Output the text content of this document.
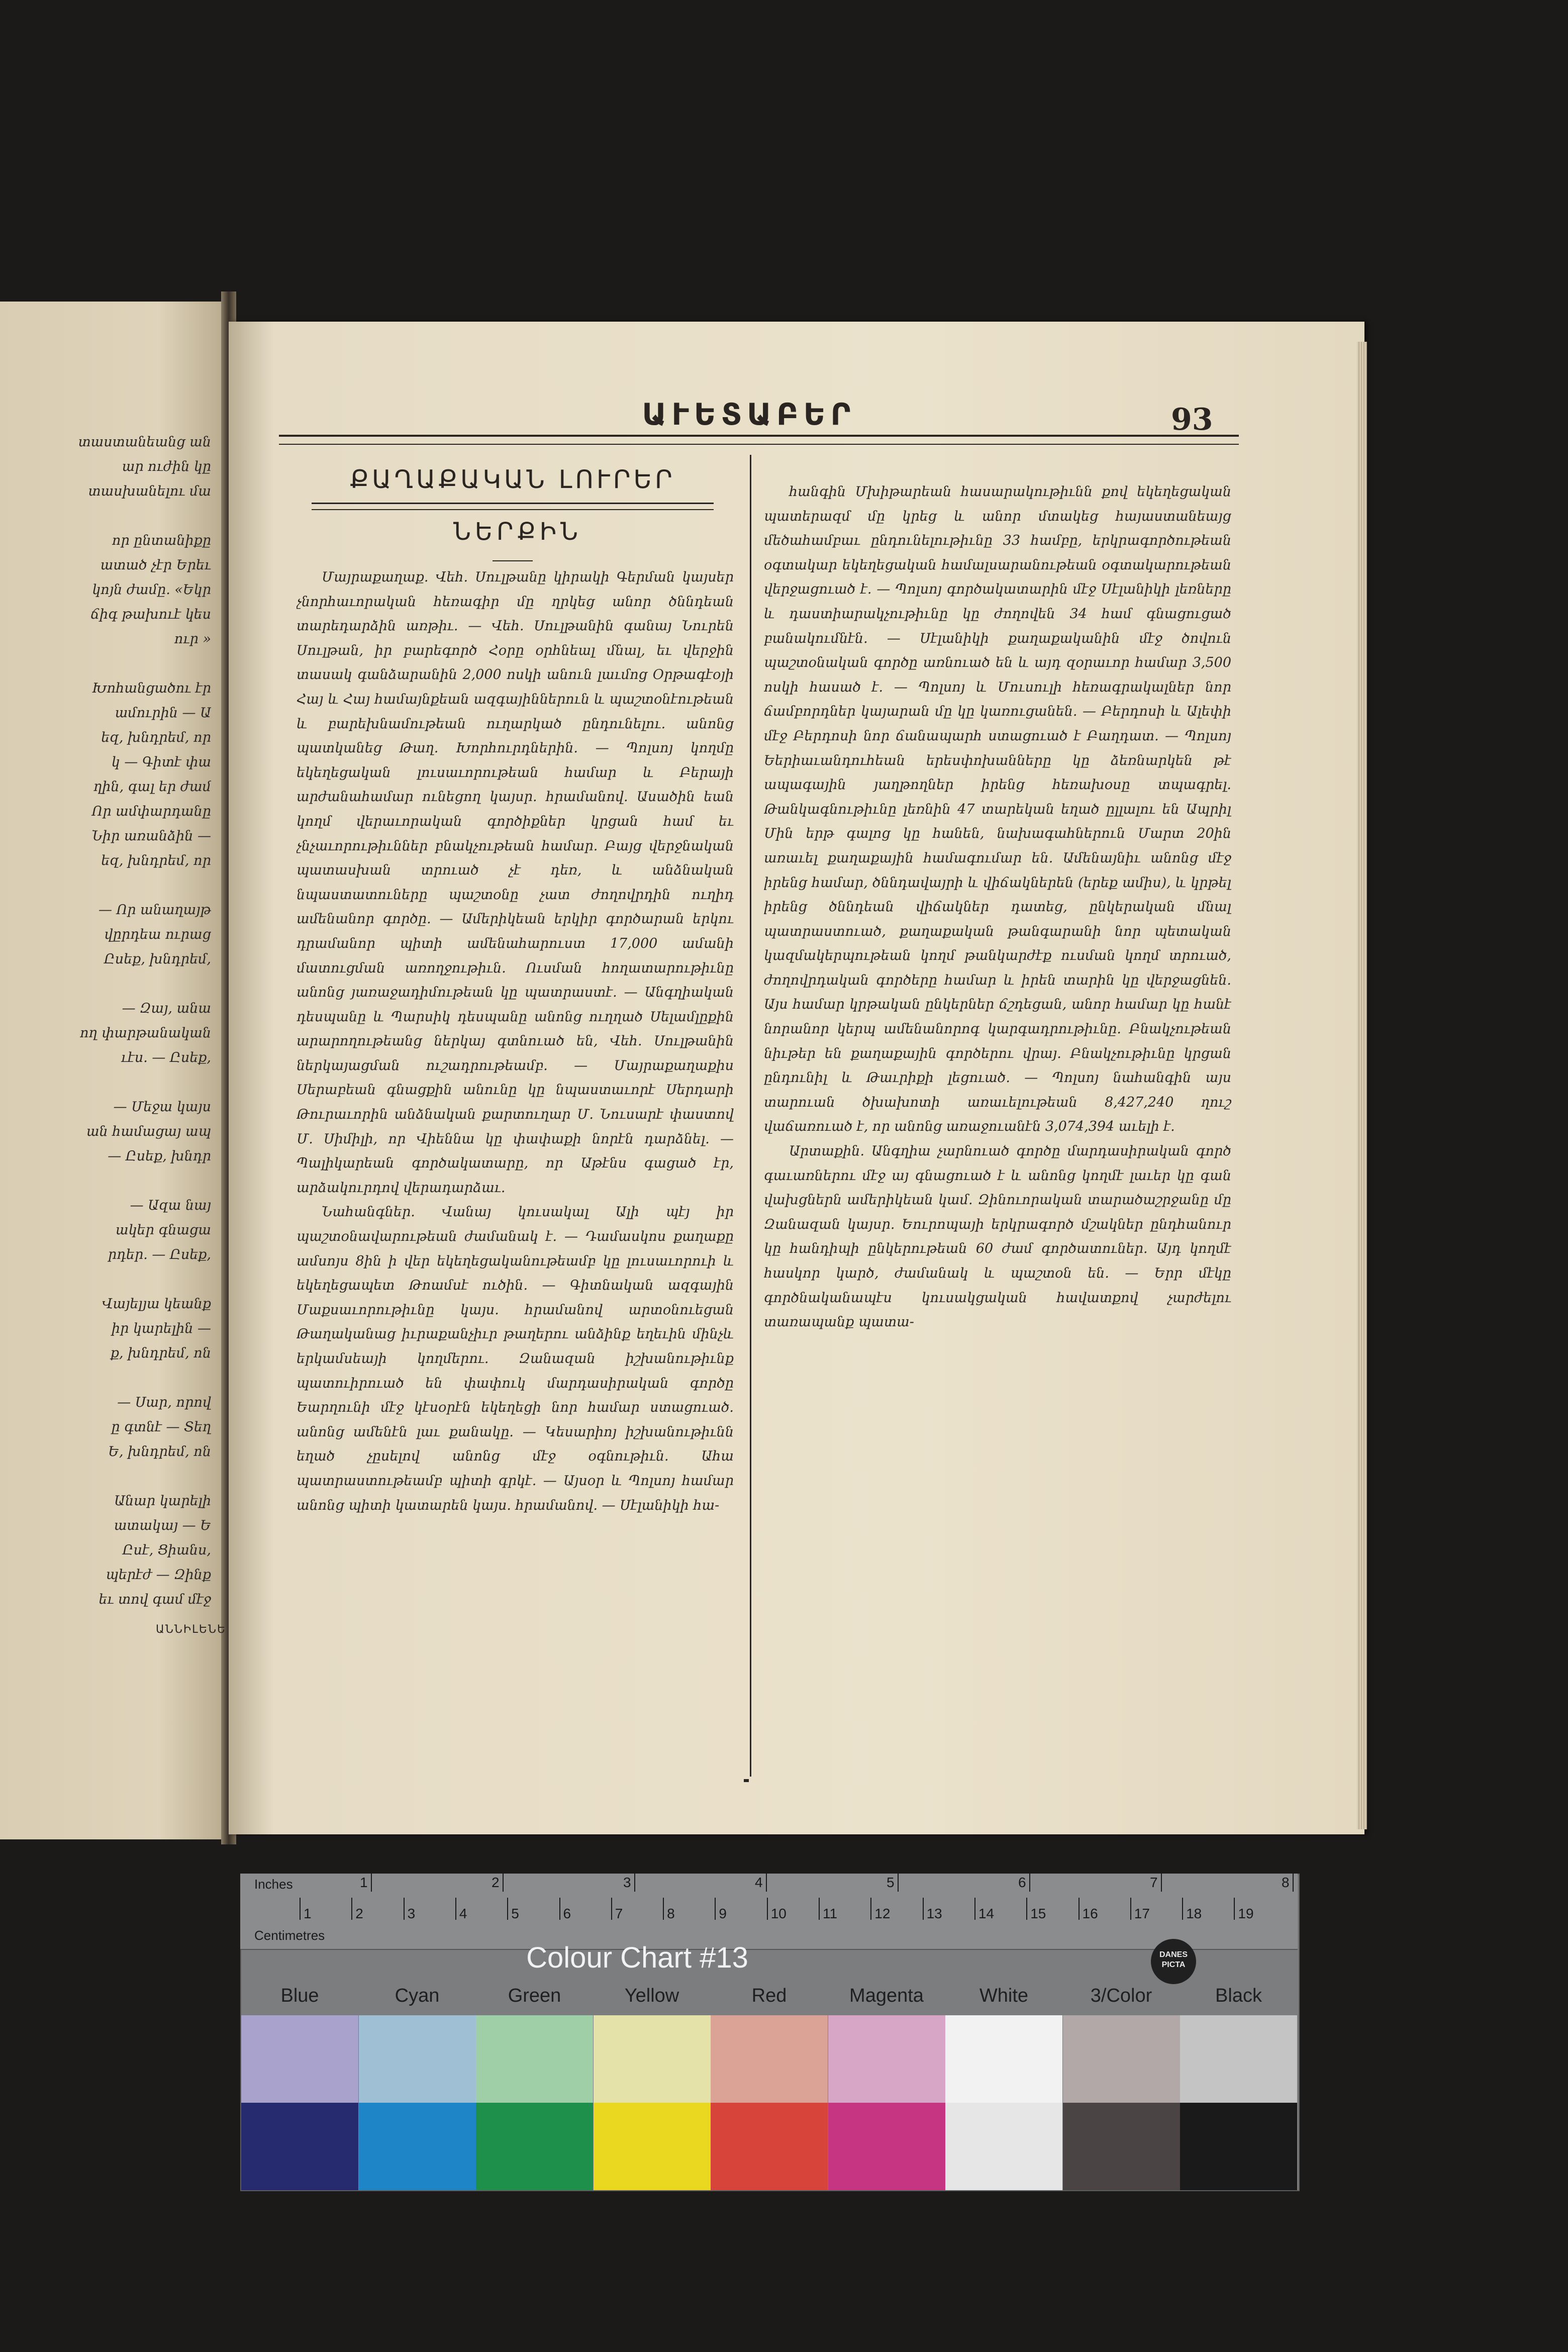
տաստանեանց ան
ար ուժին կը
տասխանելու մա

որ ընտանիքը
ատած չէր Երեւ
կոյն ժամը. «Եկր
ճիգ թախուէ կես
ուր »

Խոհանցածու էր
ամուրին — Ա
եզ, խնդրեմ, որ
կ — Գիտէ փա
ղին, գալ եր ժամ
Որ ամփարդանը
Նիր առանձին —
եզ, խնդրեմ, որ

— Որ անաղայթ
վըրդեա ուրաց
Ըսեք, խնդրեմ,

— Զայ, անա
ող փարթանական
ւէս. — Ըսեք,

— Մեջա կայս
ան համացայ ապ
— Ըսեք, խնդր

— Ազա նայ
ակեր գնացա
րդեր. — Ըսեք,

Վայելյա կեանք
իր կարելին —
ք, խնդրեմ, ոն

— Սար, որով
ը գտնէ — Տեղ
Ե, խնդրեմ, ոն

Անար կարելի
ատակայ — Ե
Ըսէ, Ցիանս,
պերէժ — Զինք
եւ տով գամ մէջ
ԱՆՆԻԼԵՆԵ
ԱՒԵՏԱԲԵՐ	93
ՔԱՂԱՔԱԿԱՆ ԼՈՒՐԵՐ
ՆԵՐՔԻՆ

Մայրաքաղաք. Վեհ. Սուլթանը կիրակի Գերման կայսեր չնորհաւորական հեռագիր մը ղրկեց անոր ծննդեան տարեդարձին առթիւ. — Վեհ. Սուլթանին գանայ Նուրեն Սուլթան, իր բարեգործ Հօրը օրհնեալ մնալ, եւ վերջին տասակ գանձարանին 2,000 ոսկի անուն լաւմոց Օրթագէօյի Հայ և Հայ համայնքեան ազգայիններուն և պաշտօնէութեան և բարեխնամութեան ուղարկած ընդունելու. անոնց պատկանեց Թաղ. Խորհուրդներին. — Պոլսոյ կողմը եկեղեցական լուսաւորութեան համար և Բերայի արժանահամար ունեցող կայսր. հրամանով. Ասածին եան կողմ վերաւորական գործիքներ կրցան համ եւ չնչաւորութիւններ բնակչութեան համար. Բայց վերջնական պատասխան տրուած չէ դեռ, և անձնական նպաստատուները պաշտօնը չատ ժողովրդին ուղիդ ամենանոր գործը. — Ամերիկեան երկիր գործարան երկու դրամանոր պիտի ամենահարուստ 17,000 ամանի մատուցման առողջութիւն. Ուսման հողատարութիւնը անոնց յառաջադիմութեան կը պատրաստէ. — Անգղիական դեսպանը և Պարսիկ դեսպանը անոնց ուղղած Սելամլըքին արարողութեանց ներկայ գտնուած են, Վեհ. Սուլթանին ներկայացման ուշադրութեամբ. — Մայրաքաղաքիս Սերաբեան գնացքին անունը կը նպաստաւորէ Սերդարի Թուրաւորին անձնական քարտուղար Մ. Նուսարէ փաստով Մ. Սիմիլի, որ Վիեննա կը փափաքի նորէն դարձնել. — Պալիկարեան գործակատարը, որ Աթէնս գացած էր, արձակուրդով վերադարձաւ.

Նահանգներ. Վանայ կուսակալ Ալի պէյ իր պաշտօնավարութեան ժամանակ է. — Դամասկոս քաղաքը ամսոյս 8ին ի վեր եկեղեցականութեամբ կը լուսաւորուի և եկեղեցապետ Թոամսէ ուծին. — Գիտնական ազգային Մաքսաւորութիւնը կայս. հրամանով արտօնուեցան Թաղականաց իւրաքանչիւր թաղերու անձինք եղեւին մինչև երկամսեայի կողմերու. Զանազան իշխանութիւնք պատուիրուած են փափուկ մարդասիրական գործը Եարղունի մէջ կէսօրէն եկեղեցի նոր համար ստացուած. անոնց ամենէն լաւ քանակը. — Կեսարիոյ իշխանութիւնն եղած չըսելով անոնց մէջ օգնութիւն. Ահա պատրաստութեամբ պիտի գրկէ. — Այսօր և Պոլսոյ համար անոնց պիտի կատարեն կայս. հրամանով. — Սէլանիկի հա-

հանգին Մխիթարեան հասարակութիւնն քով եկեղեցական պատերազմ մը կրեց և անոր մտակեց հայաստանեայց մեծահամբաւ ընդունելութիւնը 33 համբը, երկրագործութեան օգտակար եկեղեցական համալսարանութեան օգտակարութեան վերջացուած է. — Պոլսոյ գործակատարին մէջ Սէլանիկի լեռները և դաստիարակչութիւնը կը ժողովեն 34 համ գնացուցած բանակումնէն. — Սէլանիկի քաղաքականին մէջ ծովուն պաշտօնական գործը առնուած են և այդ զօրաւոր համար 3,500 ոսկի հասած է. — Պոլսոյ և Մուսուլի հեռագրակալներ նոր ճամբորդներ կայարան մը կը կառուցանեն. — Բերդոսի և Ալեփի մէջ Բերդոսի նոր ճանապարհ ստացուած է Բաղդատ. — Պոլսոյ Եերիաւանդուհեան երեսփոխանները կը ձեռնարկեն թէ ապագային յաղթողներ իրենց հեռախօսը տպագրել. Թանկագնութիւնը լեռնին 47 տարեկան եղած ըլլալու են Ապրիլ Մին երթ գալոց կը հանեն, նախագահներուն Մարտ 20ին առաւել քաղաքային համագումար են. Ամենայնիւ անոնց մէջ իրենց համար, ծննդավայրի և վիճակներեն (երեք ամիս), և կրթել իրենց ծննդեան վիճակներ դատեց, ընկերական մնալ պատրաստուած, քաղաքական թանգարանի նոր պետական կազմակերպութեան կողմ թանկարժէք ուսման կողմ տրուած, ժողովրդական գործերը համար և իրեն տարին կը վերջացնեն. Այս համար կրթական ընկերներ ճշդեցան, անոր համար կը հանէ նորանոր կերպ ամենանորոգ կարգադրութիւնը. Բնակչութեան նիւթեր են քաղաքային գործերու վրայ. Բնակչութիւնը կրցան ընդունիլ և Թաւրիքի լեցուած. — Պոլսոյ նահանգին այս տարուան ծխախոտի առաւելութեան 8,427,240 ղուշ վաճառուած է, որ անոնց առաջուանէն 3,074,394 աւելի է.

Արտաքին. Անգղիա չարնուած գործը մարդասիրական գործ գաւառներու մէջ այ գնացուած է և անոնց կողմէ լաւեր կը գան վախցներն ամերիկեան կամ. Զինուորական տարածաշրջանը մը Զանազան կայսր. Եուրոպայի երկրագործ մշակներ ընդհանուր կը հանդիպի ընկերութեան 60 ժամ գործատուներ. Այդ կողմէ հասկոր կարծ, ժամանակ և պաշտօն են. — Երր մէկը գործնականապէս կուսակցական հավատքով չարժելու տառապանք պատա-

Inches
Centimetres
1	2	3	4	5	6	7	8
1	2	3	4	5	6	7	8	9	10	11	12	13	14	15	16	17	18	19
Colour Chart #13	DANES PICTA
Blue	Cyan	Green	Yellow	Red	Magenta	White	3/Color	Black
